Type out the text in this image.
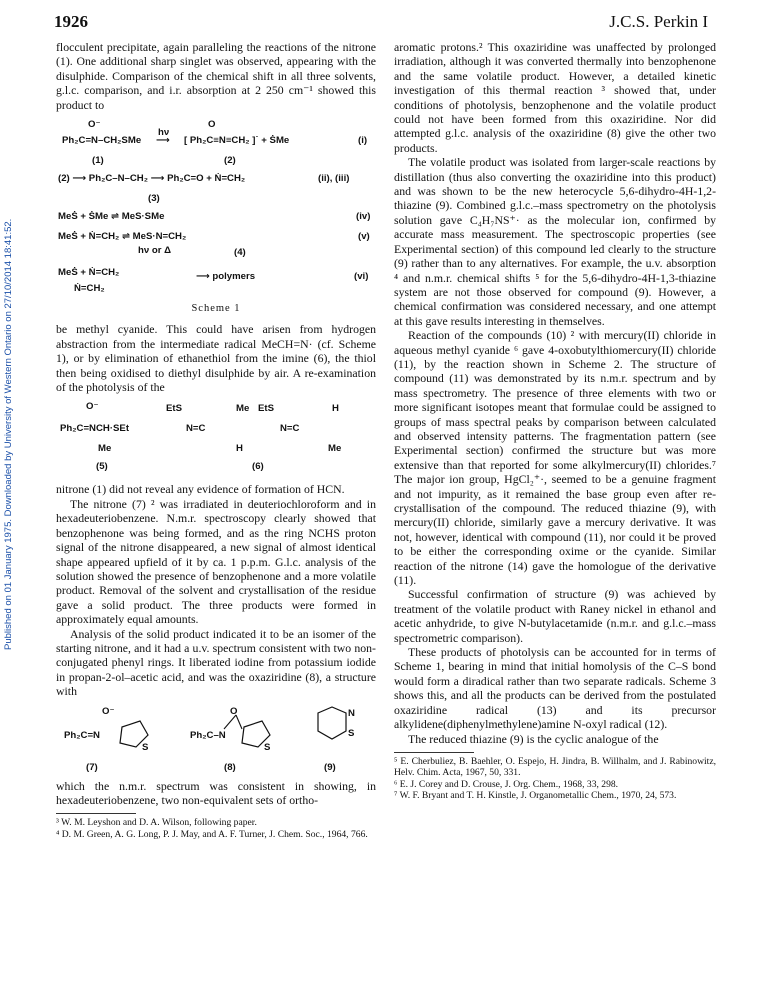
1926	J.C.S. Perkin I
Published on 01 January 1975. Downloaded by University of Western Ontario on 27/10/2014 18:41:52.

flocculent precipitate, again paralleling the reactions of the nitrone (1). One additional sharp singlet was observed, appearing with the disulphide. Comparison of the chemical shift in all three solvents, g.l.c. comparison, and i.r. absorption at 2 250 cm⁻¹ showed this product to

O⁻	O
Ph₂C=N–CH₂SMe
hν
⟶ [ Ph₂C≡N≡CH₂ ]˙ + ṠMe	(i)
(1)	(2)
(2) ⟶ Ph₂C–N–CH₂ ⟶ Ph₂C=O + Ṅ=CH₂	(ii), (iii)
(3)
MeṠ + ṠMe ⇌ MeS·SMe	(iv)
MeṠ + Ṅ=CH₂ ⇌ MeS·N=CH₂	(v)
hν or Δ	(4)
MeṠ + Ṅ=CH₂	⟶ polymers	(vi)
Ṅ=CH₂
Scheme 1

be methyl cyanide. This could have arisen from hydrogen abstraction from the intermediate radical MeCH=N· (cf. Scheme 1), or by elimination of ethanethiol from the imine (6), the thiol then being oxidised to diethyl disulphide by air. A re-examination of the photolysis of the

O⁻
Ph₂C=NCH·SEt
Me
(5)
EtS
N=C
Me
H
EtS
N=C
H
Me
(6)

nitrone (1) did not reveal any evidence of formation of HCN.

The nitrone (7) ² was irradiated in deuteriochloroform and in hexadeuteriobenzene. N.m.r. spectroscopy clearly showed that benzophenone was being formed, and as the ring NCHS proton signal of the nitrone disappeared, a new signal of almost identical shape appeared upfield of it by ca. 1 p.p.m. G.l.c. analysis of the solution showed the presence of benzophenone and a more volatile product. Removal of the solvent and crystallisation of the residue gave a solid product. The three products were formed in approximately equal amounts.

Analysis of the solid product indicated it to be an isomer of the starting nitrone, and it had a u.v. spectrum consistent with two non-conjugated phenyl rings. It liberated iodine from potassium iodide in propan-2-ol–acetic acid, and was the oxaziridine (8), a structure with

O⁻
Ph₂C=N
S
O
Ph₂C–N
S
N
S
(7)	(8)	(9)

which the n.m.r. spectrum was consistent in showing, in hexadeuteriobenzene, two non-equivalent sets of ortho-

³ W. M. Leyshon and D. A. Wilson, following paper.
⁴ D. M. Green, A. G. Long, P. J. May, and A. F. Turner, J. Chem. Soc., 1964, 766.

aromatic protons.² This oxaziridine was unaffected by prolonged irradiation, although it was converted thermally into benzophenone and the same volatile product. However, a detailed kinetic investigation of this thermal reaction ³ showed that, under conditions of photolysis, benzophenone and the volatile product could not have been formed from this oxaziridine. Nor did attempted g.l.c. analysis of the oxaziridine (8) give the other two products.

The volatile product was isolated from larger-scale reactions by distillation (thus also converting the oxaziridine into this product) and was shown to be the new heterocycle 5,6-dihydro-4H-1,2-thiazine (9). Combined g.l.c.–mass spectrometry on the photolysis solution gave C₄H₇NS⁺· as the molecular ion, confirmed by accurate mass measurement. The spectroscopic properties (see Experimental section) of this compound led clearly to the structure (9) rather than to any alternatives. For example, the u.v. absorption ⁴ and n.m.r. chemical shifts ⁵ for the 5,6-dihydro-4H-1,3-thiazine system are not those observed for compound (9). However, a chemical confirmation was considered necessary, and one attempt at this gave results interesting in themselves.

Reaction of the compounds (10) ² with mercury(II) chloride in aqueous methyl cyanide ⁶ gave 4-oxobutylthiomercury(II) chloride (11), by the reaction shown in Scheme 2. The structure of compound (11) was demonstrated by its n.m.r. spectrum and by mass spectrometry. The presence of three elements with two or more significant isotopes meant that formulae could be assigned to groups of mass spectral peaks by comparison between calculated and observed intensity patterns. The fragmentation pattern (see Experimental section) confirmed the structure but was more extensive than that reported for some alkylmercury(II) chlorides.⁷ The major ion group, HgCl₂⁺·, seemed to be a genuine fragment and not impurity, as it remained the base group even after re-crystallisation of the compound. The reduced thiazine (9), with mercury(II) chloride, similarly gave a mercury derivative. It was not, however, identical with compound (11), nor could it be proved to be either the corresponding oxime or the cyanide. Similar reaction of the nitrone (14) gave the homologue of the derivative (11).

Successful confirmation of structure (9) was achieved by treatment of the volatile product with Raney nickel in ethanol and acetic anhydride, to give N-butylacetamide (n.m.r. and g.l.c.–mass spectrometric comparison).

These products of photolysis can be accounted for in terms of Scheme 1, bearing in mind that initial homolysis of the C–S bond would form a diradical rather than two separate radicals. Scheme 3 shows this, and all the products can be derived from the postulated oxaziridine radical (13) and its precursor alkylidene(diphenylmethylene)amine N-oxyl radical (12).

The reduced thiazine (9) is the cyclic analogue of the

⁵ E. Cherbuliez, B. Baehler, O. Espejo, H. Jindra, B. Willhalm, and J. Rabinowitz, Helv. Chim. Acta, 1967, 50, 331.
⁶ E. J. Corey and D. Crouse, J. Org. Chem., 1968, 33, 298.
⁷ W. F. Bryant and T. H. Kinstle, J. Organometallic Chem., 1970, 24, 573.
